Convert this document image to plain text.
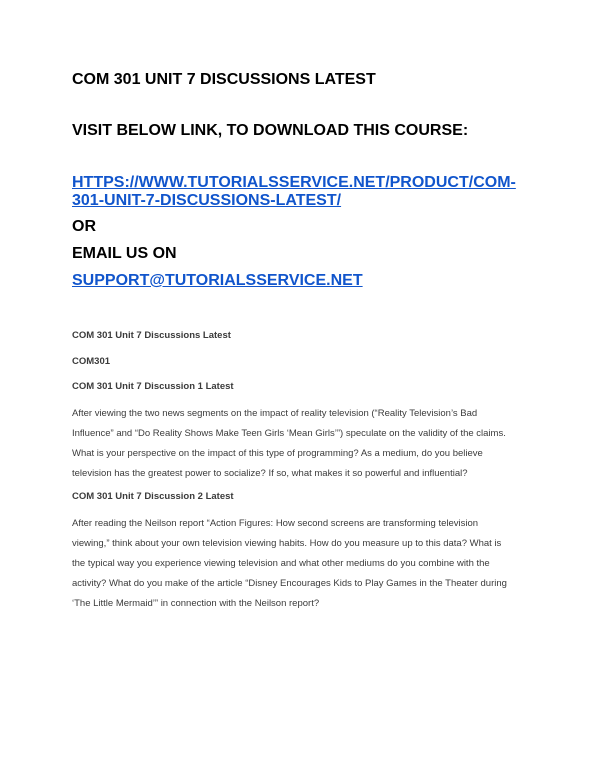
COM 301 UNIT 7 DISCUSSIONS LATEST

VISIT BELOW LINK, TO DOWNLOAD THIS COURSE:

HTTPS://WWW.TUTORIALSSERVICE.NET/PRODUCT/COM-
301-UNIT-7-DISCUSSIONS-LATEST/

OR

EMAIL US ON

SUPPORT@TUTORIALSSERVICE.NET

COM 301 Unit 7 Discussions Latest

COM301

COM 301 Unit 7 Discussion 1 Latest

After viewing the two news segments on the impact of reality television (“Reality Television’s Bad
Influence” and “Do Reality Shows Make Teen Girls ‘Mean Girls’”) speculate on the validity of the claims.
What is your perspective on the impact of this type of programming? As a medium, do you believe
television has the greatest power to socialize? If so, what makes it so powerful and influential?

COM 301 Unit 7 Discussion 2 Latest

After reading the Neilson report “Action Figures: How second screens are transforming television
viewing,” think about your own television viewing habits. How do you measure up to this data? What is
the typical way you experience viewing television and what other mediums do you combine with the
activity? What do you make of the article “Disney Encourages Kids to Play Games in the Theater during
‘The Little Mermaid’” in connection with the Neilson report?
